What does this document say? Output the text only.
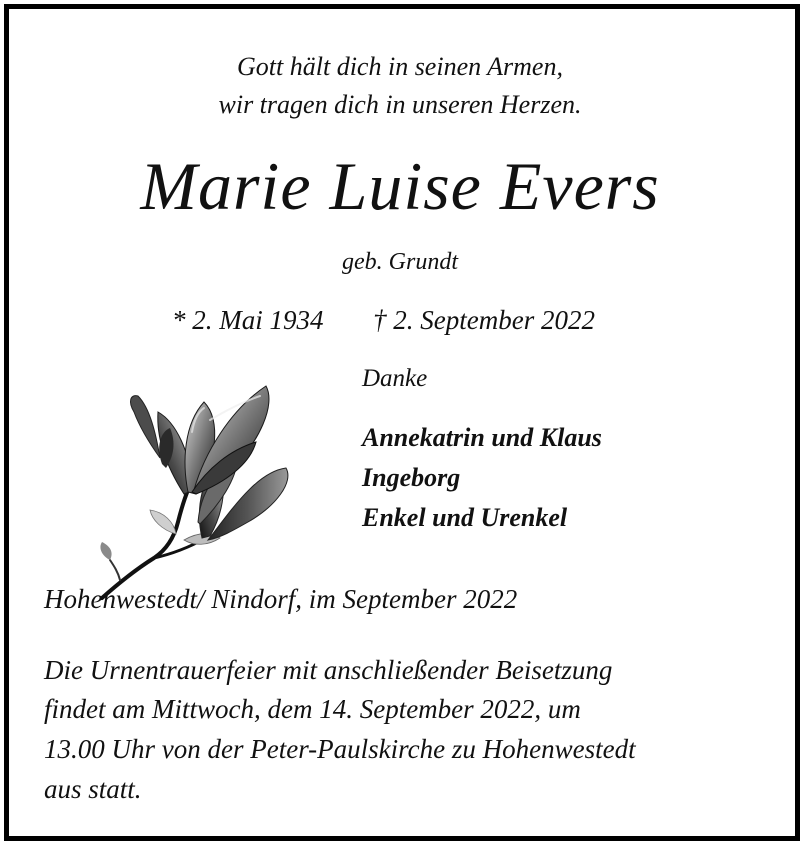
Gott hält dich in seinen Armen,

wir tragen dich in unseren Herzen.

Marie Luise Evers

geb. Grundt

* 2. Mai 1934 † 2. September 2022

Danke

Annekatrin und Klaus

Ingeborg

Enkel und Urenkel

Hohenwestedt/ Nindorf, im September 2022

Die Urnentrauerfeier mit anschließender Beisetzung

findet am Mittwoch, dem 14. September 2022, um

13.00 Uhr von der Peter-Paulskirche zu Hohenwestedt

aus statt.
